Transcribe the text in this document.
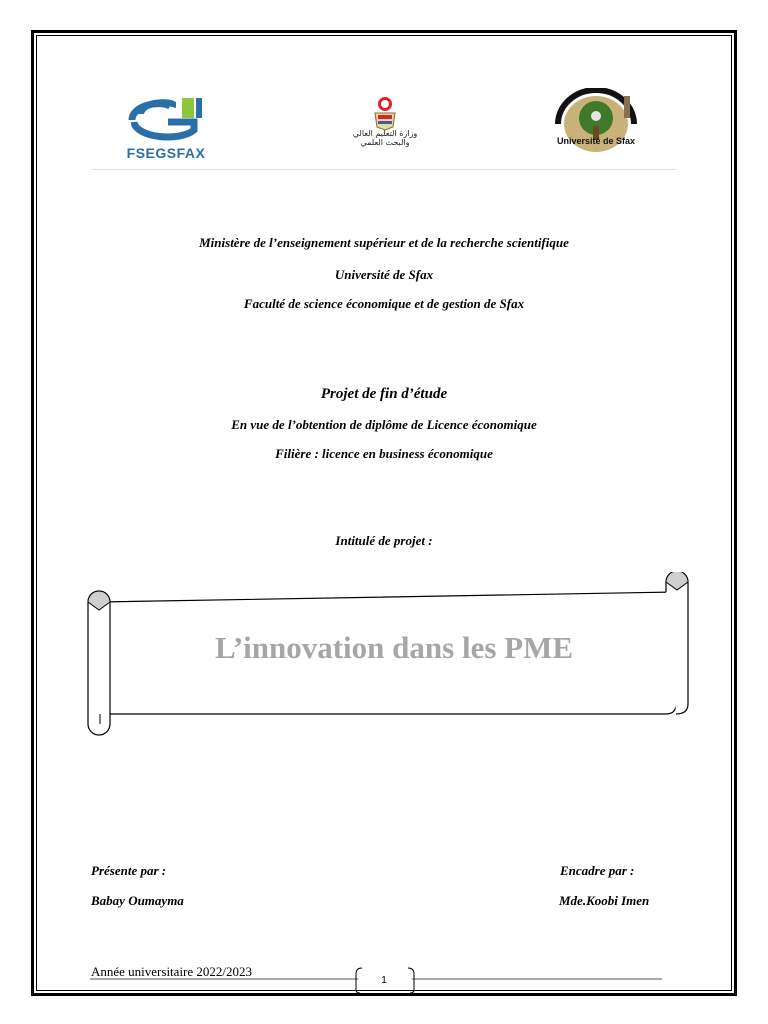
FSEGSFAX
وزارة التعليم العالي
والبحث العلمي	Université de Sfax
Ministère de l’enseignement supérieur et de la recherche scientifique
Université de Sfax
Faculté de science économique et de gestion de Sfax
Projet de fin d’étude
En vue de l’obtention de diplôme de Licence économique
Filière : licence en business économique
Intitulé de projet :
L’innovation dans les PME
Présente par :
Babay Oumayma
Encadre par :
Mde.Koobi Imen
Année universitaire 2022/2023
1
